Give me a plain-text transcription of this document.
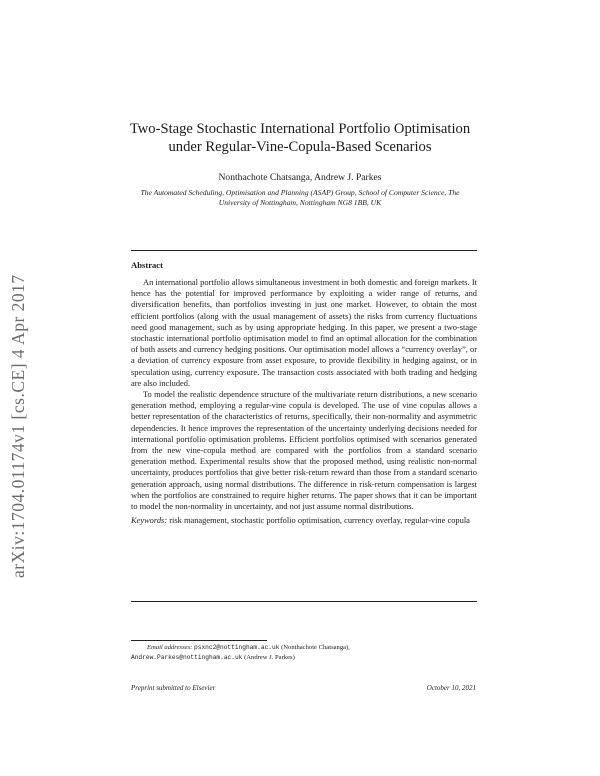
arXiv:1704.01174v1 [cs.CE] 4 Apr 2017
Two-Stage Stochastic International Portfolio Optimisation
under Regular-Vine-Copula-Based Scenarios
Nonthachote Chatsanga, Andrew J. Parkes
The Automated Scheduling, Optimisation and Planning (ASAP) Group, School of Computer Science, The University of Nottingham, Nottingham NG8 1BB, UK
Abstract

An international portfolio allows simultaneous investment in both domestic and foreign markets. It hence has the potential for improved performance by exploiting a wider range of returns, and diversification benefits, than portfolios investing in just one market. However, to obtain the most efficient portfolios (along with the usual management of assets) the risks from currency fluctuations need good management, such as by using appropriate hedging. In this paper, we present a two-stage stochastic international portfolio optimisation model to find an optimal allocation for the combination of both assets and currency hedging positions. Our optimisation model allows a “currency overlay”, or a deviation of currency exposure from asset exposure, to provide flexibility in hedging against, or in speculation using, currency exposure. The transaction costs associated with both trading and hedging are also included.

To model the realistic dependence structure of the multivariate return distributions, a new scenario generation method, employing a regular-vine copula is developed. The use of vine copulas allows a better representation of the characteristics of returns, specifically, their non-normality and asymmetric dependencies. It hence improves the representation of the uncertainty underlying decisions needed for international portfolio optimisation problems. Efficient portfolios optimised with scenarios generated from the new vine-copula method are compared with the portfolios from a standard scenario generation method. Experimental results show that the proposed method, using realistic non-normal uncertainty, produces portfolios that give better risk-return reward than those from a standard scenario generation approach, using normal distributions. The difference in risk-return compensation is largest when the portfolios are constrained to require higher returns. The paper shows that it can be important to model the non-normality in uncertainty, and not just assume normal distributions.

Keywords: risk management, stochastic portfolio optimisation, currency overlay, regular-vine copula
Email addresses: psxnc2@nottingham.ac.uk (Nonthachote Chatsanga),
Andrew.Parkes@nottingham.ac.uk (Andrew J. Parkes)
Preprint submitted to Elsevier	October 10, 2021
